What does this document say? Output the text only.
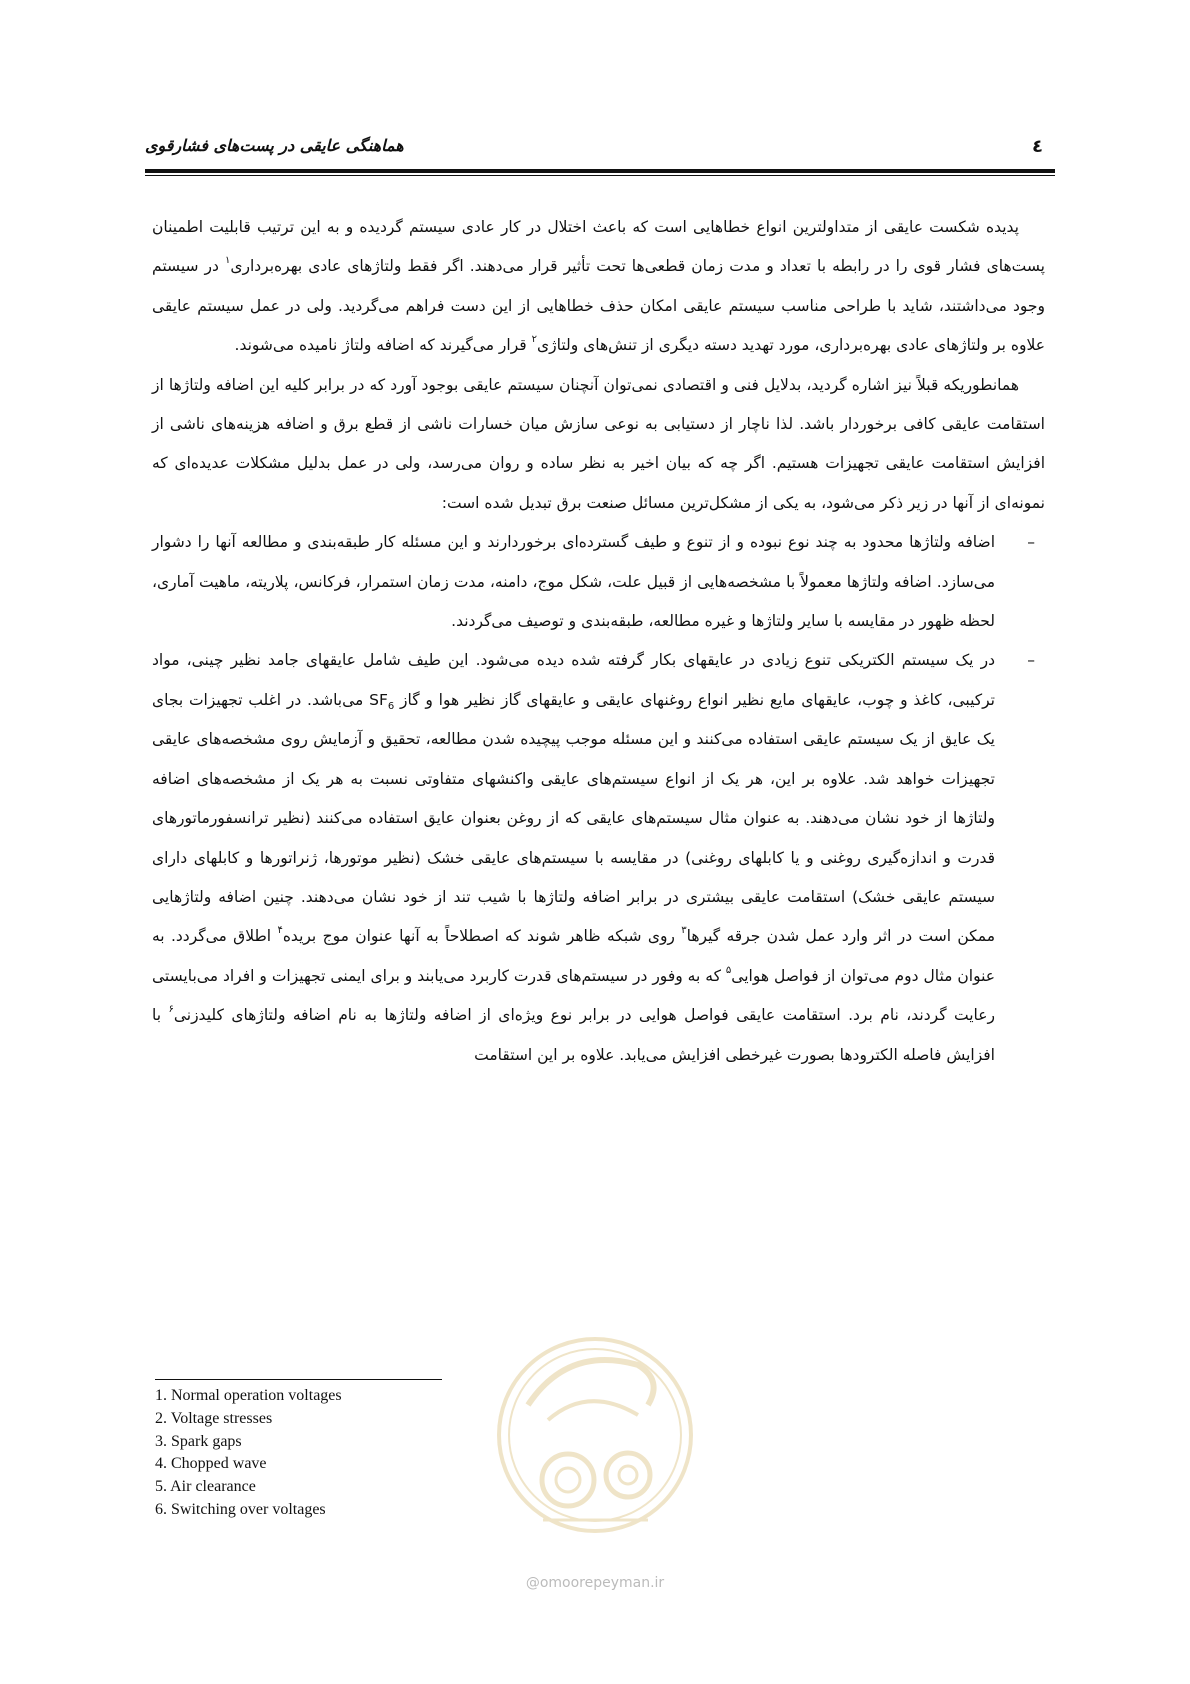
٤
هماهنگی عایقی در پست‌های فشارقوی

پدیده شکست عایقی از متداولترین انواع خطاهایی است که باعث اختلال در کار عادی سیستم گردیده و به این ترتیب قابلیت اطمینان پست‌های فشار قوی را در رابطه با تعداد و مدت زمان قطعی‌ها تحت تأثیر قرار می‌دهند. اگر فقط ولتاژهای عادی بهره‌برداری$^۱$ در سیستم وجود می‌داشتند، شاید با طراحی مناسب سیستم عایقی امکان حذف خطاهایی از این دست فراهم می‌گردید. ولی در عمل سیستم عایقی علاوه بر ولتاژهای عادی بهره‌برداری، مورد تهدید دسته دیگری از تنش‌های ولتاژی$^۲$ قرار می‌گیرند که اضافه ولتاژ نامیده می‌شوند.

همانطوریکه قبلاً نیز اشاره گردید، بدلایل فنی و اقتصادی نمی‌توان آنچنان سیستم عایقی بوجود آورد که در برابر کلیه این اضافه ولتاژها از استقامت عایقی کافی برخوردار باشد. لذا ناچار از دستیابی به نوعی سازش میان خسارات ناشی از قطع برق و اضافه هزینه‌های ناشی از افزایش استقامت عایقی تجهیزات هستیم. اگر چه که بیان اخیر به نظر ساده و روان می‌رسد، ولی در عمل بدلیل مشکلات عدیده‌ای که نمونه‌ای از آنها در زیر ذکر می‌شود، به یکی از مشکل‌ترین مسائل صنعت برق تبدیل شده است:

–
اضافه ولتاژها محدود به چند نوع نبوده و از تنوع و طیف گسترده‌ای برخوردارند و این مسئله کار طبقه‌بندی و مطالعه آنها را دشوار می‌سازد. اضافه ولتاژها معمولاً با مشخصه‌هایی از قبیل علت، شکل موج، دامنه، مدت زمان استمرار، فرکانس، پلاریته، ماهیت آماری، لحظه ظهور در مقایسه با سایر ولتاژها و غیره مطالعه، طبقه‌بندی و توصیف می‌گردند.
–
در یک سیستم الکتریکی تنوع زیادی در عایقهای بکار گرفته شده دیده می‌شود. این طیف شامل عایقهای جامد نظیر چینی، مواد ترکیبی، کاغذ و چوب، عایقهای مایع نظیر انواع روغنهای عایقی و عایقهای گاز نظیر هوا و گاز $SF_6$ می‌باشد. در اغلب تجهیزات بجای یک عایق از یک سیستم عایقی استفاده می‌کنند و این مسئله موجب پیچیده شدن مطالعه، تحقیق و آزمایش روی مشخصه‌های عایقی تجهیزات خواهد شد. علاوه بر این، هر یک از انواع سیستم‌های عایقی واکنشهای متفاوتی نسبت به هر یک از مشخصه‌های اضافه ولتاژها از خود نشان می‌دهند. به عنوان مثال سیستم‌های عایقی که از روغن بعنوان عایق استفاده می‌کنند (نظیر ترانسفورماتورهای قدرت و اندازه‌گیری روغنی و یا کابلهای روغنی) در مقایسه با سیستم‌های عایقی خشک (نظیر موتورها، ژنراتورها و کابلهای دارای سیستم عایقی خشک) استقامت عایقی بیشتری در برابر اضافه ولتاژها با شیب تند از خود نشان می‌دهند. چنین اضافه ولتاژهایی ممکن است در اثر وارد عمل شدن جرقه گیرها$^۳$ روی شبکه ظاهر شوند که اصطلاحاً به آنها عنوان موج بریده$^۴$ اطلاق می‌گردد. به عنوان مثال دوم می‌توان از فواصل هوایی$^۵$ که به وفور در سیستم‌های قدرت کاربرد می‌یابند و برای ایمنی تجهیزات و افراد می‌بایستی رعایت گردند، نام برد. استقامت عایقی فواصل هوایی در برابر نوع ویژه‌ای از اضافه ولتاژها به نام اضافه ولتاژهای کلیدزنی$^۶$ با افزایش فاصله الکترودها بصورت غیرخطی افزایش می‌یابد. علاوه بر این استقامت
@omoorepeyman.ir
1. Normal operation voltages
2. Voltage stresses
3. Spark gaps
4. Chopped wave
5. Air clearance
6. Switching over voltages
